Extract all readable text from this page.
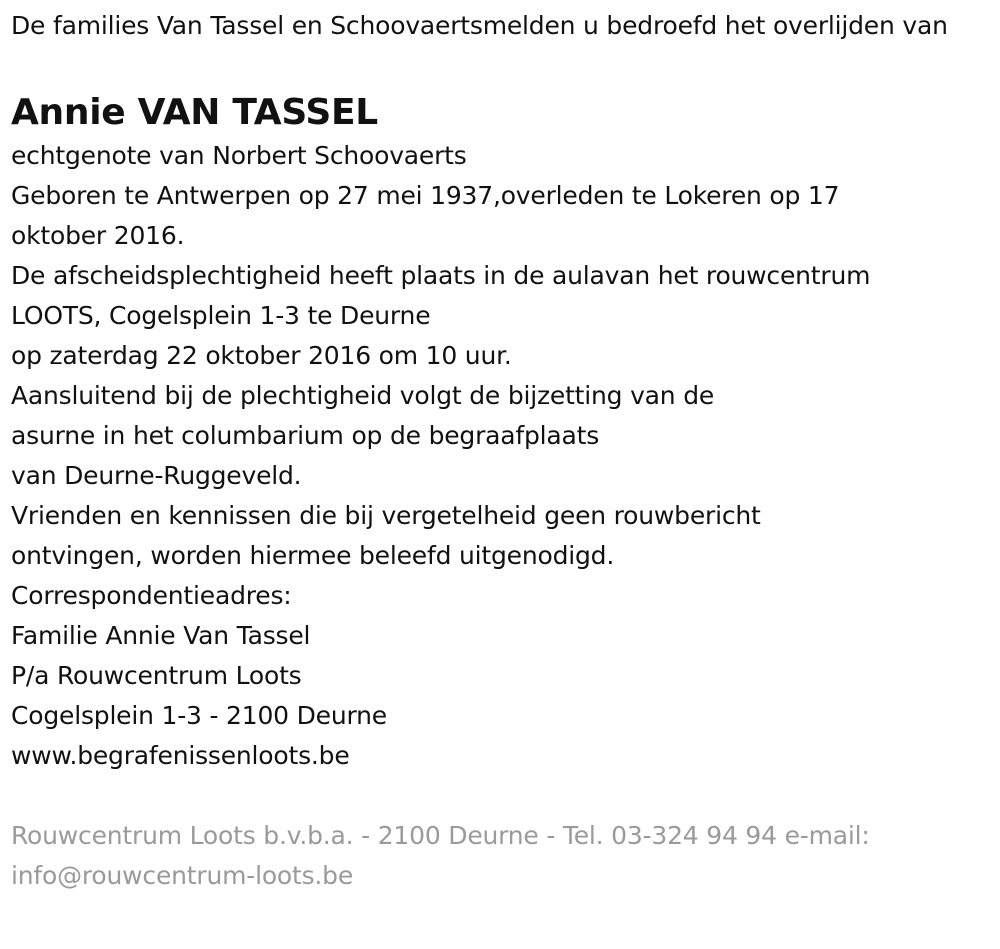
De families Van Tassel en Schoovaertsmelden u bedroefd het overlijden van
Annie VAN TASSEL
echtgenote van Norbert Schoovaerts
Geboren te Antwerpen op 27 mei 1937,overleden te Lokeren op 17
oktober 2016.
De afscheidsplechtigheid heeft plaats in de aulavan het rouwcentrum
LOOTS, Cogelsplein 1-3 te Deurne
op zaterdag 22 oktober 2016 om 10 uur.
Aansluitend bij de plechtigheid volgt de bijzetting van de
asurne in het columbarium op de begraafplaats
van Deurne-Ruggeveld.
Vrienden en kennissen die bij vergetelheid geen rouwbericht
ontvingen, worden hiermee beleefd uitgenodigd.
Correspondentieadres:
Familie Annie Van Tassel
P/a Rouwcentrum Loots
Cogelsplein 1-3 - 2100 Deurne
www.begrafenissenloots.be
Rouwcentrum Loots b.v.b.a. - 2100 Deurne - Tel. 03-324 94 94 e-mail: info@rouwcentrum-loots.be
